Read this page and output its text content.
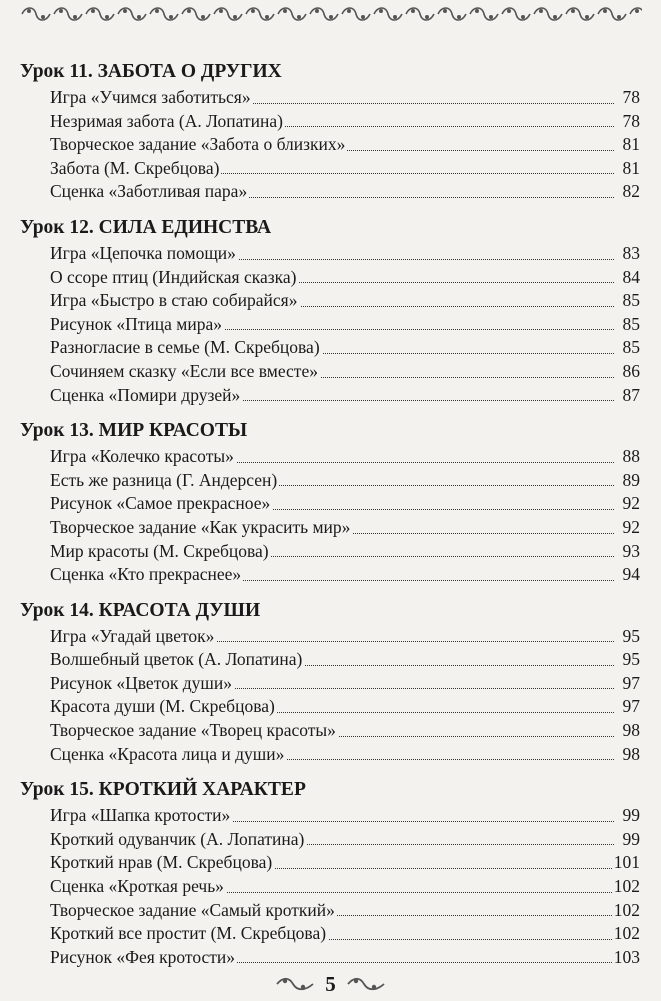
Урок 11. ЗАБОТА О ДРУГИХ
Игра «Учимся заботиться»	78
Незримая забота (А. Лопатина)	78
Творческое задание «Забота о близких»	81
Забота (М. Скребцова)	81
Сценка «Заботливая пара»	82
Урок 12. СИЛА ЕДИНСТВА
Игра «Цепочка помощи»	83
О ссоре птиц (Индийская сказка)	84
Игра «Быстро в стаю собирайся»	85
Рисунок «Птица мира»	85
Разногласие в семье (М. Скребцова)	85
Сочиняем сказку «Если все вместе»	86
Сценка «Помири друзей»	87
Урок 13. МИР КРАСОТЫ
Игра «Колечко красоты»	88
Есть же разница (Г. Андерсен)	89
Рисунок «Самое прекрасное»	92
Творческое задание «Как украсить мир»	92
Мир красоты (М. Скребцова)	93
Сценка «Кто прекраснее»	94
Урок 14. КРАСОТА ДУШИ
Игра «Угадай цветок»	95
Волшебный цветок (А. Лопатина)	95
Рисунок «Цветок души»	97
Красота души (М. Скребцова)	97
Творческое задание «Творец красоты»	98
Сценка «Красота лица и души»	98
Урок 15. КРОТКИЙ ХАРАКТЕР
Игра «Шапка кротости»	99
Кроткий одуванчик (А. Лопатина)	99
Кроткий нрав (М. Скребцова)	101
Сценка «Кроткая речь»	102
Творческое задание «Самый кроткий»	102
Кроткий все простит (М. Скребцова)	102
Рисунок «Фея кротости»	103
5
